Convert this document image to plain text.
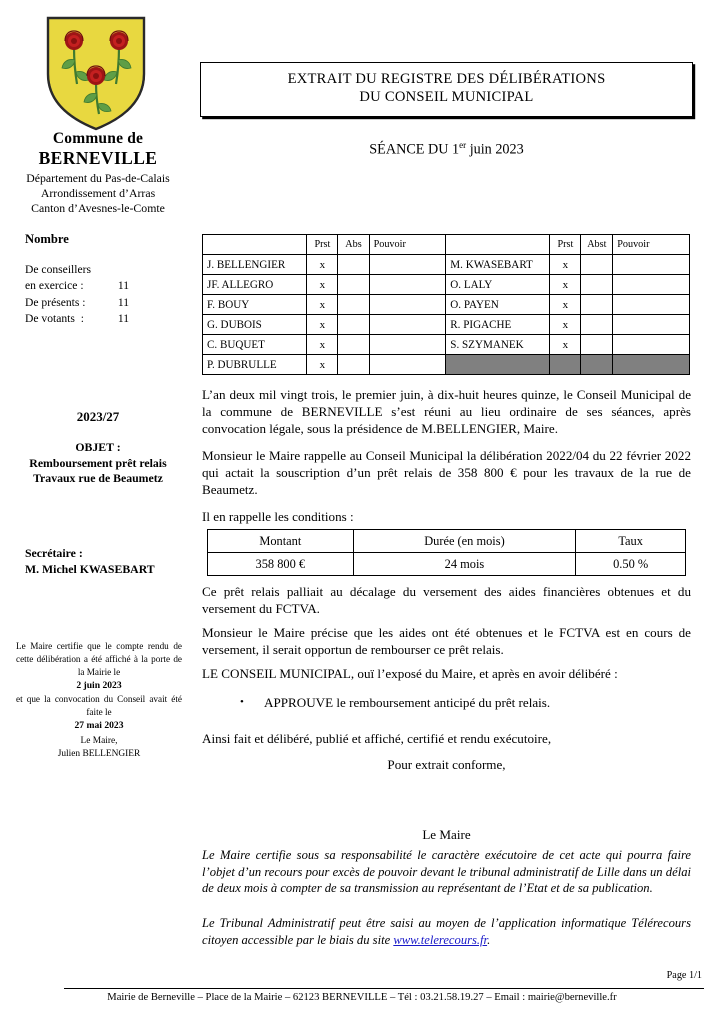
Commune de
BERNEVILLE
Département du Pas-de-Calais
Arrondissement d’Arras
Canton d’Avesnes-le-Comte
Nombre
De conseillers
en exercice :	11
De présents :	11
De votants  :	11
2023/27
OBJET :
Remboursement prêt relais
Travaux rue de Beaumetz
Secrétaire :
M. Michel KWASEBART
Le Maire certifie que le compte rendu de cette délibération a été affiché à la porte de la Mairie le
2 juin 2023
et que la convocation du Conseil avait été faite le
27 mai 2023
Le Maire,
Julien BELLENGIER
EXTRAIT DU REGISTRE DES DÉLIBÉRATIONS
DU CONSEIL MUNICIPAL
SÉANCE DU 1er juin 2023
	Prst	Abs	Pouvoir		Prst	Abst	Pouvoir
J. BELLENGIER	x			M. KWASEBART	x		
JF. ALLEGRO	x			O. LALY	x		
F. BOUY	x			O. PAYEN	x		
G. DUBOIS	x			R. PIGACHE	x		
C. BUQUET	x			S. SZYMANEK	x		
P. DUBRULLE	x						
L’an deux mil vingt trois, le premier juin, à dix-huit heures quinze, le Conseil Municipal de la commune de BERNEVILLE s’est réuni au lieu ordinaire de ses séances, après convocation légale, sous la présidence de M.BELLENGIER, Maire.
Monsieur le Maire rappelle au Conseil Municipal la délibération 2022/04 du 22 février 2022 qui actait la souscription d’un prêt relais de 358 800 € pour les travaux de la rue de Beaumetz.
Il en rappelle les conditions :
Montant	Durée (en mois)	Taux
358 800 €	24 mois	0.50 %
Ce prêt relais palliait au décalage du versement des aides financières obtenues et du versement du FCTVA.
Monsieur le Maire précise que les aides ont été obtenues et le FCTVA est en cours de versement, il serait opportun de rembourser ce prêt relais.
LE CONSEIL MUNICIPAL, ouï l’exposé du Maire, et après en avoir délibéré :
• APPROUVE le remboursement anticipé du prêt relais.
Ainsi fait et délibéré, publié et affiché, certifié et rendu exécutoire,
Pour extrait conforme,
Le Maire
Le Maire certifie sous sa responsabilité le caractère exécutoire de cet acte qui pourra faire l’objet d’un recours pour excès de pouvoir devant le tribunal administratif de Lille dans un délai de deux mois à compter de sa transmission au représentant de l’Etat et de sa publication.
Le Tribunal Administratif peut être saisi au moyen de l’application informatique Télérecours citoyen accessible par le biais du site www.telerecours.fr.
Page 1/1
Mairie de Berneville – Place de la Mairie – 62123 BERNEVILLE – Tél : 03.21.58.19.27 – Email : mairie@berneville.fr
